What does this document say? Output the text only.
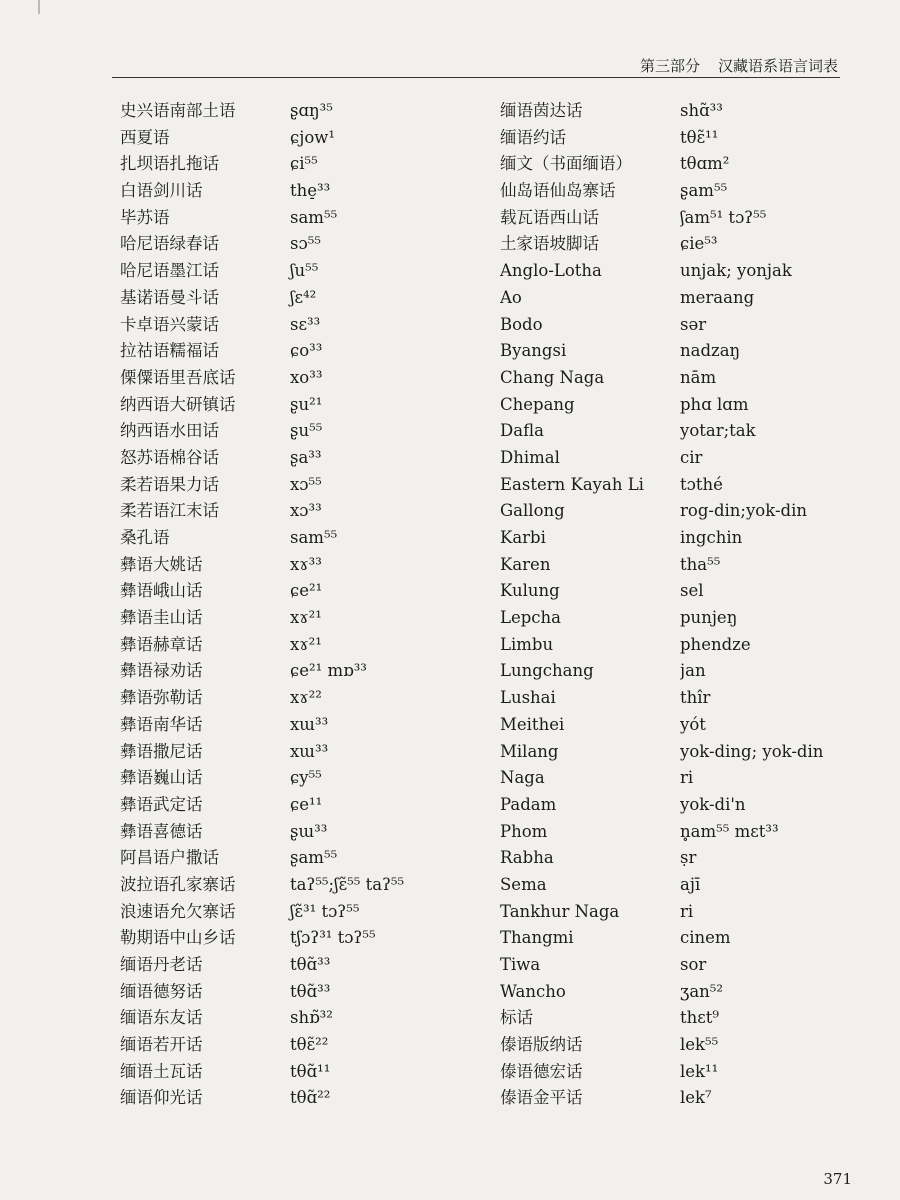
第三部分 汉藏语系语言词表
史兴语南部土语	ʂɑŋ³⁵
西夏语	ɕjow¹
扎坝语扎拖话	ɕi⁵⁵
白语剑川话	the̠³³
毕苏语	sam⁵⁵
哈尼语绿春话	sɔ⁵⁵
哈尼语墨江话	ʃu⁵⁵
基诺语曼斗话	ʃɛ⁴²
卡卓语兴蒙话	sɛ³³
拉祜语糯福话	ɕo³³
傈僳语里吾底话	xo³³
纳西语大研镇话	ʂu²¹
纳西语水田话	ʂu⁵⁵
怒苏语棉谷话	ʂa³³
柔若语果力话	xɔ⁵⁵
柔若语江末话	xɔ³³
桑孔语	sam⁵⁵
彝语大姚话	xɤ³³
彝语峨山话	ɕe²¹
彝语圭山话	xɤ²¹
彝语赫章话	xɤ²¹
彝语禄劝话	ɕe²¹ mɒ³³
彝语弥勒话	xɤ²²
彝语南华话	xɯ³³
彝语撒尼话	xɯ³³
彝语巍山话	ɕy⁵⁵
彝语武定话	ɕe¹¹
彝语喜德话	ʂɯ³³
阿昌语户撒话	ʂam⁵⁵
波拉语孔家寨话	taʔ⁵⁵;ʃɛ̃⁵⁵ taʔ⁵⁵
浪速语允欠寨话	ʃɛ̃³¹ tɔʔ⁵⁵
勒期语中山乡话	tʃɔʔ³¹ tɔʔ⁵⁵
缅语丹老话	tθɑ̃³³
缅语德努话	tθɑ̃³³
缅语东友话	shɒ̃³²
缅语若开话	tθɛ̃²²
缅语土瓦话	tθɑ̃¹¹
缅语仰光话	tθɑ̃²²
缅语茵达话	shɑ̃³³
缅语约话	tθɛ̃¹¹
缅文（书面缅语）	tθɑm²
仙岛语仙岛寨话	ʂam⁵⁵
载瓦语西山话	ʃam⁵¹ tɔʔ⁵⁵
土家语坡脚话	ɕie⁵³
Anglo-Lotha	unjak; yonjak
Ao	meraang
Bodo	sər
Byangsi	nadzaŋ
Chang Naga	nām
Chepang	phɑ lɑm
Dafla	yotar;tak
Dhimal	cir
Eastern Kayah Li	tɔthé
Gallong	rog-din;yok-din
Karbi	ingchin
Karen	tha⁵⁵
Kulung	sel
Lepcha	punjeŋ
Limbu	phendze
Lungchang	jan
Lushai	thîr
Meithei	yót
Milang	yok-ding; yok-din
Naga	ri
Padam	yok-di'n
Phom	n̥am⁵⁵ mɛt³³
Rabha	ṣr
Sema	ajī
Tankhur Naga	ri
Thangmi	cinem
Tiwa	sor
Wancho	ʒan⁵²
标话	thɛt⁹
傣语版纳话	lek⁵⁵
傣语德宏话	lek¹¹
傣语金平话	lek⁷
371
